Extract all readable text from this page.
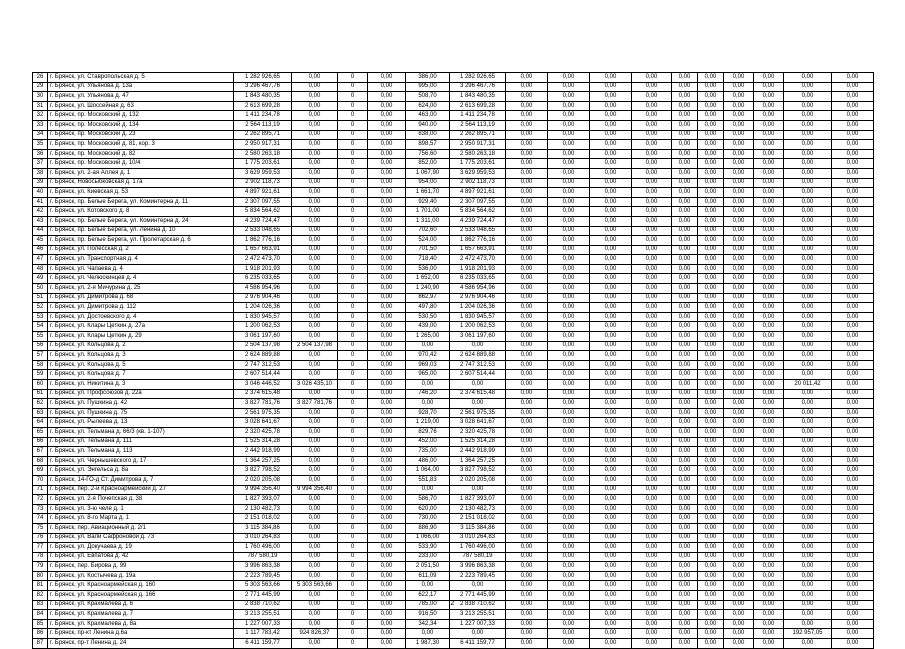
26	г. Брянск, ул. Ставропольская д. 5	1 282 926,65	0,00	0	0,00	386,00	1 282 926,65	0,00	0,00	0,00	0,00	0,00	0,00	0,00	0,00	0,00	0,00
29	г. Брянск, ул. Ульянова д. 13а	3 296 467,76	0,00	0	0,00	995,00	3 296 467,76	0,00	0,00	0,00	0,00	0,00	0,00	0,00	0,00	0,00	0,00
30	г. Брянск, ул. Ульянова д. 47	1 843 480,35	0,00	0	0,00	508,70	1 843 480,35	0,00	0,00	0,00	0,00	0,00	0,00	0,00	0,00	0,00	0,00
31	г. Брянск, ул. Шоссейная д. 63	2 613 699,28	0,00	0	0,00	624,00	2 613 699,28	0,00	0,00	0,00	0,00	0,00	0,00	0,00	0,00	0,00	0,00
32	г. Брянск, пр. Московский д. 132	1 411 234,78	0,00	0	0,00	463,00	1 411 234,78	0,00	0,00	0,00	0,00	0,00	0,00	0,00	0,00	0,00	0,00
33	г. Брянск, пр. Московский д. 134	2 564 113,19	0,00	0	0,00	940,00	2 564 113,19	0,00	0,00	0,00	0,00	0,00	0,00	0,00	0,00	0,00	0,00
34	г. Брянск, пр. Московский д. 23	2 262 895,71	0,00	0	0,00	838,00	2 262 895,71	0,00	0,00	0,00	0,00	0,00	0,00	0,00	0,00	0,00	0,00
35	г. Брянск, пр. Московский д. 81, кор. 3	2 950 917,31	0,00	0	0,00	898,57	2 950 917,31	0,00	0,00	0,00	0,00	0,00	0,00	0,00	0,00	0,00	0,00
36	г. Брянск, пр. Московский д. 82	2 580 263,18	0,00	0	0,00	756,60	2 580 263,18	0,00	0,00	0,00	0,00	0,00	0,00	0,00	0,00	0,00	0,00
37	г. Брянск, пр. Московский д. 10/4	1 775 203,61	0,00	0	0,00	852,00	1 775 203,61	0,00	0,00	0,00	0,00	0,00	0,00	0,00	0,00	0,00	0,00
38	г. Брянск, ул. 2-ая Аллея д. 1	3 629 959,53	0,00	0	0,00	1 067,90	3 629 959,53	0,00	0,00	0,00	0,00	0,00	0,00	0,00	0,00	0,00	0,00
39	г. Брянск, Новосыбковская д. 17а	2 902 118,73	0,00	0	0,00	954,00	2 902 118,73	0,00	0,00	0,00	0,00	0,00	0,00	0,00	0,00	0,00	0,00
40	г. Брянск, ул. Киевская д. 53	4 897 921,61	0,00	0	0,00	1 661,70	4 897 921,61	0,00	0,00	0,00	0,00	0,00	0,00	0,00	0,00	0,00	0,00
41	г. Брянск, пр. Белые Берега, ул. Коминтерна д. 11	2 307 097,55	0,00	0	0,00	929,40	2 307 097,55	0,00	0,00	0,00	0,00	0,00	0,00	0,00	0,00	0,00	0,00
42	г. Брянск, ул. Котовского д. 8	5 834 564,62	0,00	0	0,00	1 701,00	5 834 564,62	0,00	0,00	0,00	0,00	0,00	0,00	0,00	0,00	0,00	0,00
43	г. Брянск, пр. Белые Берега, ул. Коминтерна д. 24	4 239 724,47	0,00	0	0,00	1 311,00	4 239 724,47	0,00	0,00	0,00	0,00	0,00	0,00	0,00	0,00	0,00	0,00
44	г. Брянск, пр. Белые Берега, ул. Ленина д. 10	2 533 048,65	0,00	0	0,00	702,60	2 533 048,65	0,00	0,00	0,00	0,00	0,00	0,00	0,00	0,00	0,00	0,00
45	г. Брянск, пр. Белые Берега, ул. Пролетарская д. 6	1 862 776,16	0,00	0	0,00	524,00	1 862 776,16	0,00	0,00	0,00	0,00	0,00	0,00	0,00	0,00	0,00	0,00
46	г. Брянск, ул. Полесская д. 2	1 657 663,91	0,00	0	0,00	701,50	1 657 663,91	0,00	0,00	0,00	0,00	0,00	0,00	0,00	0,00	0,00	0,00
47	г. Брянск, ул. Транспортная д. 4	2 472 473,70	0,00	0	0,00	718,40	2 472 473,70	0,00	0,00	0,00	0,00	0,00	0,00	0,00	0,00	0,00	0,00
48	г. Брянск, ул. Чапаева д. 4	1 918 201,93	0,00	0	0,00	536,00	1 918 201,93	0,00	0,00	0,00	0,00	0,00	0,00	0,00	0,00	0,00	0,00
49	г. Брянск, ул. Челюскинцев д. 4	6 235 033,65	0,00	0	0,00	1 652,00	6 235 033,65	0,00	0,00	0,00	0,00	0,00	0,00	0,00	0,00	0,00	0,00
50	г. Брянск, ул. 2-я Мичурина д. 25	4 586 954,96	0,00	0	0,00	1 240,90	4 586 954,96	0,00	0,00	0,00	0,00	0,00	0,00	0,00	0,00	0,00	0,00
51	г. Брянск, ул. Димитрова д. 68	2 976 904,46	0,00	0	0,00	862,97	2 976 904,46	0,00	0,00	0,00	0,00	0,00	0,00	0,00	0,00	0,00	0,00
52	г. Брянск, ул. Димитрова д. 112	1 204 026,36	0,00	0	0,00	497,80	1 204 026,36	0,00	0,00	0,00	0,00	0,00	0,00	0,00	0,00	0,00	0,00
53	г. Брянск, ул. Достоевского д. 4	1 830 945,57	0,00	0	0,00	530,50	1 830 945,57	0,00	0,00	0,00	0,00	0,00	0,00	0,00	0,00	0,00	0,00
54	г. Брянск, ул. Клары Цеткин д. 27а	1 200 062,53	0,00	0	0,00	439,00	1 200 062,53	0,00	0,00	0,00	0,00	0,00	0,00	0,00	0,00	0,00	0,00
55	г. Брянск, ул. Клары Цеткин д. 29	3 061 197,60	0,00	0	0,00	1 265,00	3 061 197,60	0,00	0,00	0,00	0,00	0,00	0,00	0,00	0,00	0,00	0,00
56	г. Брянск, ул. Кольцова д. 2	2 504 137,98	2 504 137,98	0	0,00	0,00	0,00	0,00	0,00	0,00	0,00	0,00	0,00	0,00	0,00	0,00	0,00
57	г. Брянск, ул. Кольцова д. 3	2 624 889,88	0,00	0	0,00	970,42	2 624 889,88	0,00	0,00	0,00	0,00	0,00	0,00	0,00	0,00	0,00	0,00
58	г. Брянск, ул. Кольцова д. 5	2 747 312,53	0,00	0	0,00	969,03	2 747 312,53	0,00	0,00	0,00	0,00	0,00	0,00	0,00	0,00	0,00	0,00
59	г. Брянск, ул. Кольцова д. 7	2 607 514,44	0,00	0	0,00	965,00	2 607 514,44	0,00	0,00	0,00	0,00	0,00	0,00	0,00	0,00	0,00	0,00
60	г. Брянск, ул. Никитина д. 3	3 046 446,52	3 026 435,10	0	0,00	0,00	0,00	0,00	0,00	0,00	0,00	0,00	0,00	0,00	0,00	20 011,42	0,00
61	г. Брянск, ул. Профсоюзов д. 22а	2 374 615,48	0,00	0	0,00	746,20	2 374 615,48	0,00	0,00	0,00	0,00	0,00	0,00	0,00	0,00	0,00	0,00
62	г. Брянск, ул. Пушкина д. 42	3 827 781,76	3 827 781,76	0	0,00	0,00	0,00	0,00	0,00	0,00	0,00	0,00	0,00	0,00	0,00	0,00	0,00
63	г. Брянск, ул. Пушкина д. 75	2 561 975,35	0,00	0	0,00	928,70	2 561 975,35	0,00	0,00	0,00	0,00	0,00	0,00	0,00	0,00	0,00	0,00
64	г. Брянск, ул. Рылеева д. 13	3 028 641,67	0,00	0	0,00	1 219,00	3 028 641,67	0,00	0,00	0,00	0,00	0,00	0,00	0,00	0,00	0,00	0,00
65	г. Брянск, ул. Тельмана д. 66/3 (кв. 1-107)	2 320 425,78	0,00	0	0,00	829,76	2 320 425,78	0,00	0,00	0,00	0,00	0,00	0,00	0,00	0,00	0,00	0,00
66	г. Брянск, ул. Тельмана д. 111	1 525 314,28	0,00	0	0,00	452,00	1 525 314,28	0,00	0,00	0,00	0,00	0,00	0,00	0,00	0,00	0,00	0,00
67	г. Брянск, ул. Тельмана д. 113	2 442 918,99	0,00	0	0,00	735,00	2 442 918,99	0,00	0,00	0,00	0,00	0,00	0,00	0,00	0,00	0,00	0,00
68	г. Брянск, ул. Чернышевского д. 17	1 364 257,25	0,00	0	0,00	486,00	1 364 257,25	0,00	0,00	0,00	0,00	0,00	0,00	0,00	0,00	0,00	0,00
69	г. Брянск, ул. Энгельса д. 8а	3 827 798,52	0,00	0	0,00	1 064,00	3 827 798,52	0,00	0,00	0,00	0,00	0,00	0,00	0,00	0,00	0,00	0,00
70	г. Брянск, 14-ГО-д Ст. Димитрова д. 7	2 020 205,08	0,00	0	0,00	551,83	2 020 205,08	0,00	0,00	0,00	0,00	0,00	0,00	0,00	0,00	0,00	0,00
71	г. Брянск, пер. 2-й Красноармейский д. 27	9 994 356,40	9 994 356,40	0	0,00	0,00	0,00	0,00	0,00	0,00	0,00	0,00	0,00	0,00	0,00	0,00	0,00
72	г. Брянск, ул. 2-я Почепская д. 38	1 827 393,07	0,00	0	0,00	586,70	1 827 393,07	0,00	0,00	0,00	0,00	0,00	0,00	0,00	0,00	0,00	0,00
73	г. Брянск, ул. 3-ю челе д. 1	2 130 482,73	0,00	0	0,00	620,00	2 130 482,73	0,00	0,00	0,00	0,00	0,00	0,00	0,00	0,00	0,00	0,00
74	г. Брянск, ул. 8-го Марта д. 1	2 151 018,02	0,00	0	0,00	730,00	2 151 018,02	0,00	0,00	0,00	0,00	0,00	0,00	0,00	0,00	0,00	0,00
75	г. Брянск, пер. Авиационный д. 2/1	3 115 384,86	0,00	0	0,00	886,90	3 115 384,86	0,00	0,00	0,00	0,00	0,00	0,00	0,00	0,00	0,00	0,00
76	г. Брянск, ул. Вали Сафроновой д. 73	3 010 264,83	0,00	0	0,00	1 066,00	3 010 264,83	0,00	0,00	0,00	0,00	0,00	0,00	0,00	0,00	0,00	0,00
77	г. Брянск, ул. Докучаева д. 19	1 760 496,00	0,00	0	0,00	533,90	1 760 496,00	0,00	0,00	0,00	0,00	0,00	0,00	0,00	0,00	0,00	0,00
78	г. Брянск, ул. Евпатова д. 42	787 580,19	0,00	0	0,00	233,00	787 580,19	0,00	0,00	0,00	0,00	0,00	0,00	0,00	0,00	0,00	0,00
79	г. Брянск, пер. Бирова д. 99	3 996 863,38	0,00	0	0,00	2 051,50	3 996 863,38	0,00	0,00	0,00	0,00	0,00	0,00	0,00	0,00	0,00	0,00
80	г. Брянск, ул. Костычева д. 19а	2 223 789,45	0,00	0	0,00	611,09	2 223 789,45	0,00	0,00	0,00	0,00	0,00	0,00	0,00	0,00	0,00	0,00
81	г. Брянск, ул. Красноармейская д. 160	5 303 563,66	5 303 563,66	0	0,00	0,00	0,00	0,00	0,00	0,00	0,00	0,00	0,00	0,00	0,00	0,00	0,00
82	г. Брянск, ул. Красноармейская д. 166	2 771 445,99	0,00	0	0,00	622,17	2 771 445,99	0,00	0,00	0,00	0,00	0,00	0,00	0,00	0,00	0,00	0,00
83	г. Брянск, ул. Крахмалева д. 6	2 838 710,62	0,00	0	0,00	785,00	2 838 710,62	0,00	0,00	0,00	0,00	0,00	0,00	0,00	0,00	0,00	0,00
84	г. Брянск, ул. Крахмалева д. 7	3 213 255,51	0,00	0	0,00	916,50	3 213 255,51	0,00	0,00	0,00	0,00	0,00	0,00	0,00	0,00	0,00	0,00
85	г. Брянск, ул. Крахмалева д. 8а	1 227 007,33	0,00	0	0,00	342,34	1 227 007,33	0,00	0,00	0,00	0,00	0,00	0,00	0,00	0,00	0,00	0,00
86	г. Брянск, пр-кт Ленина д.6а	1 117 783,42	924 826,37	0	0,00	0,00	0,00	0,00	0,00	0,00	0,00	0,00	0,00	0,00	0,00	192 957,05	0,00
87	г. Брянск, пр-т Ленина д. 24	6 411 159,77	0,00	0	0,00	1 987,30	6 411 159,77	0,00	0,00	0,00	0,00	0,00	0,00	0,00	0,00	0,00	0,00
2
